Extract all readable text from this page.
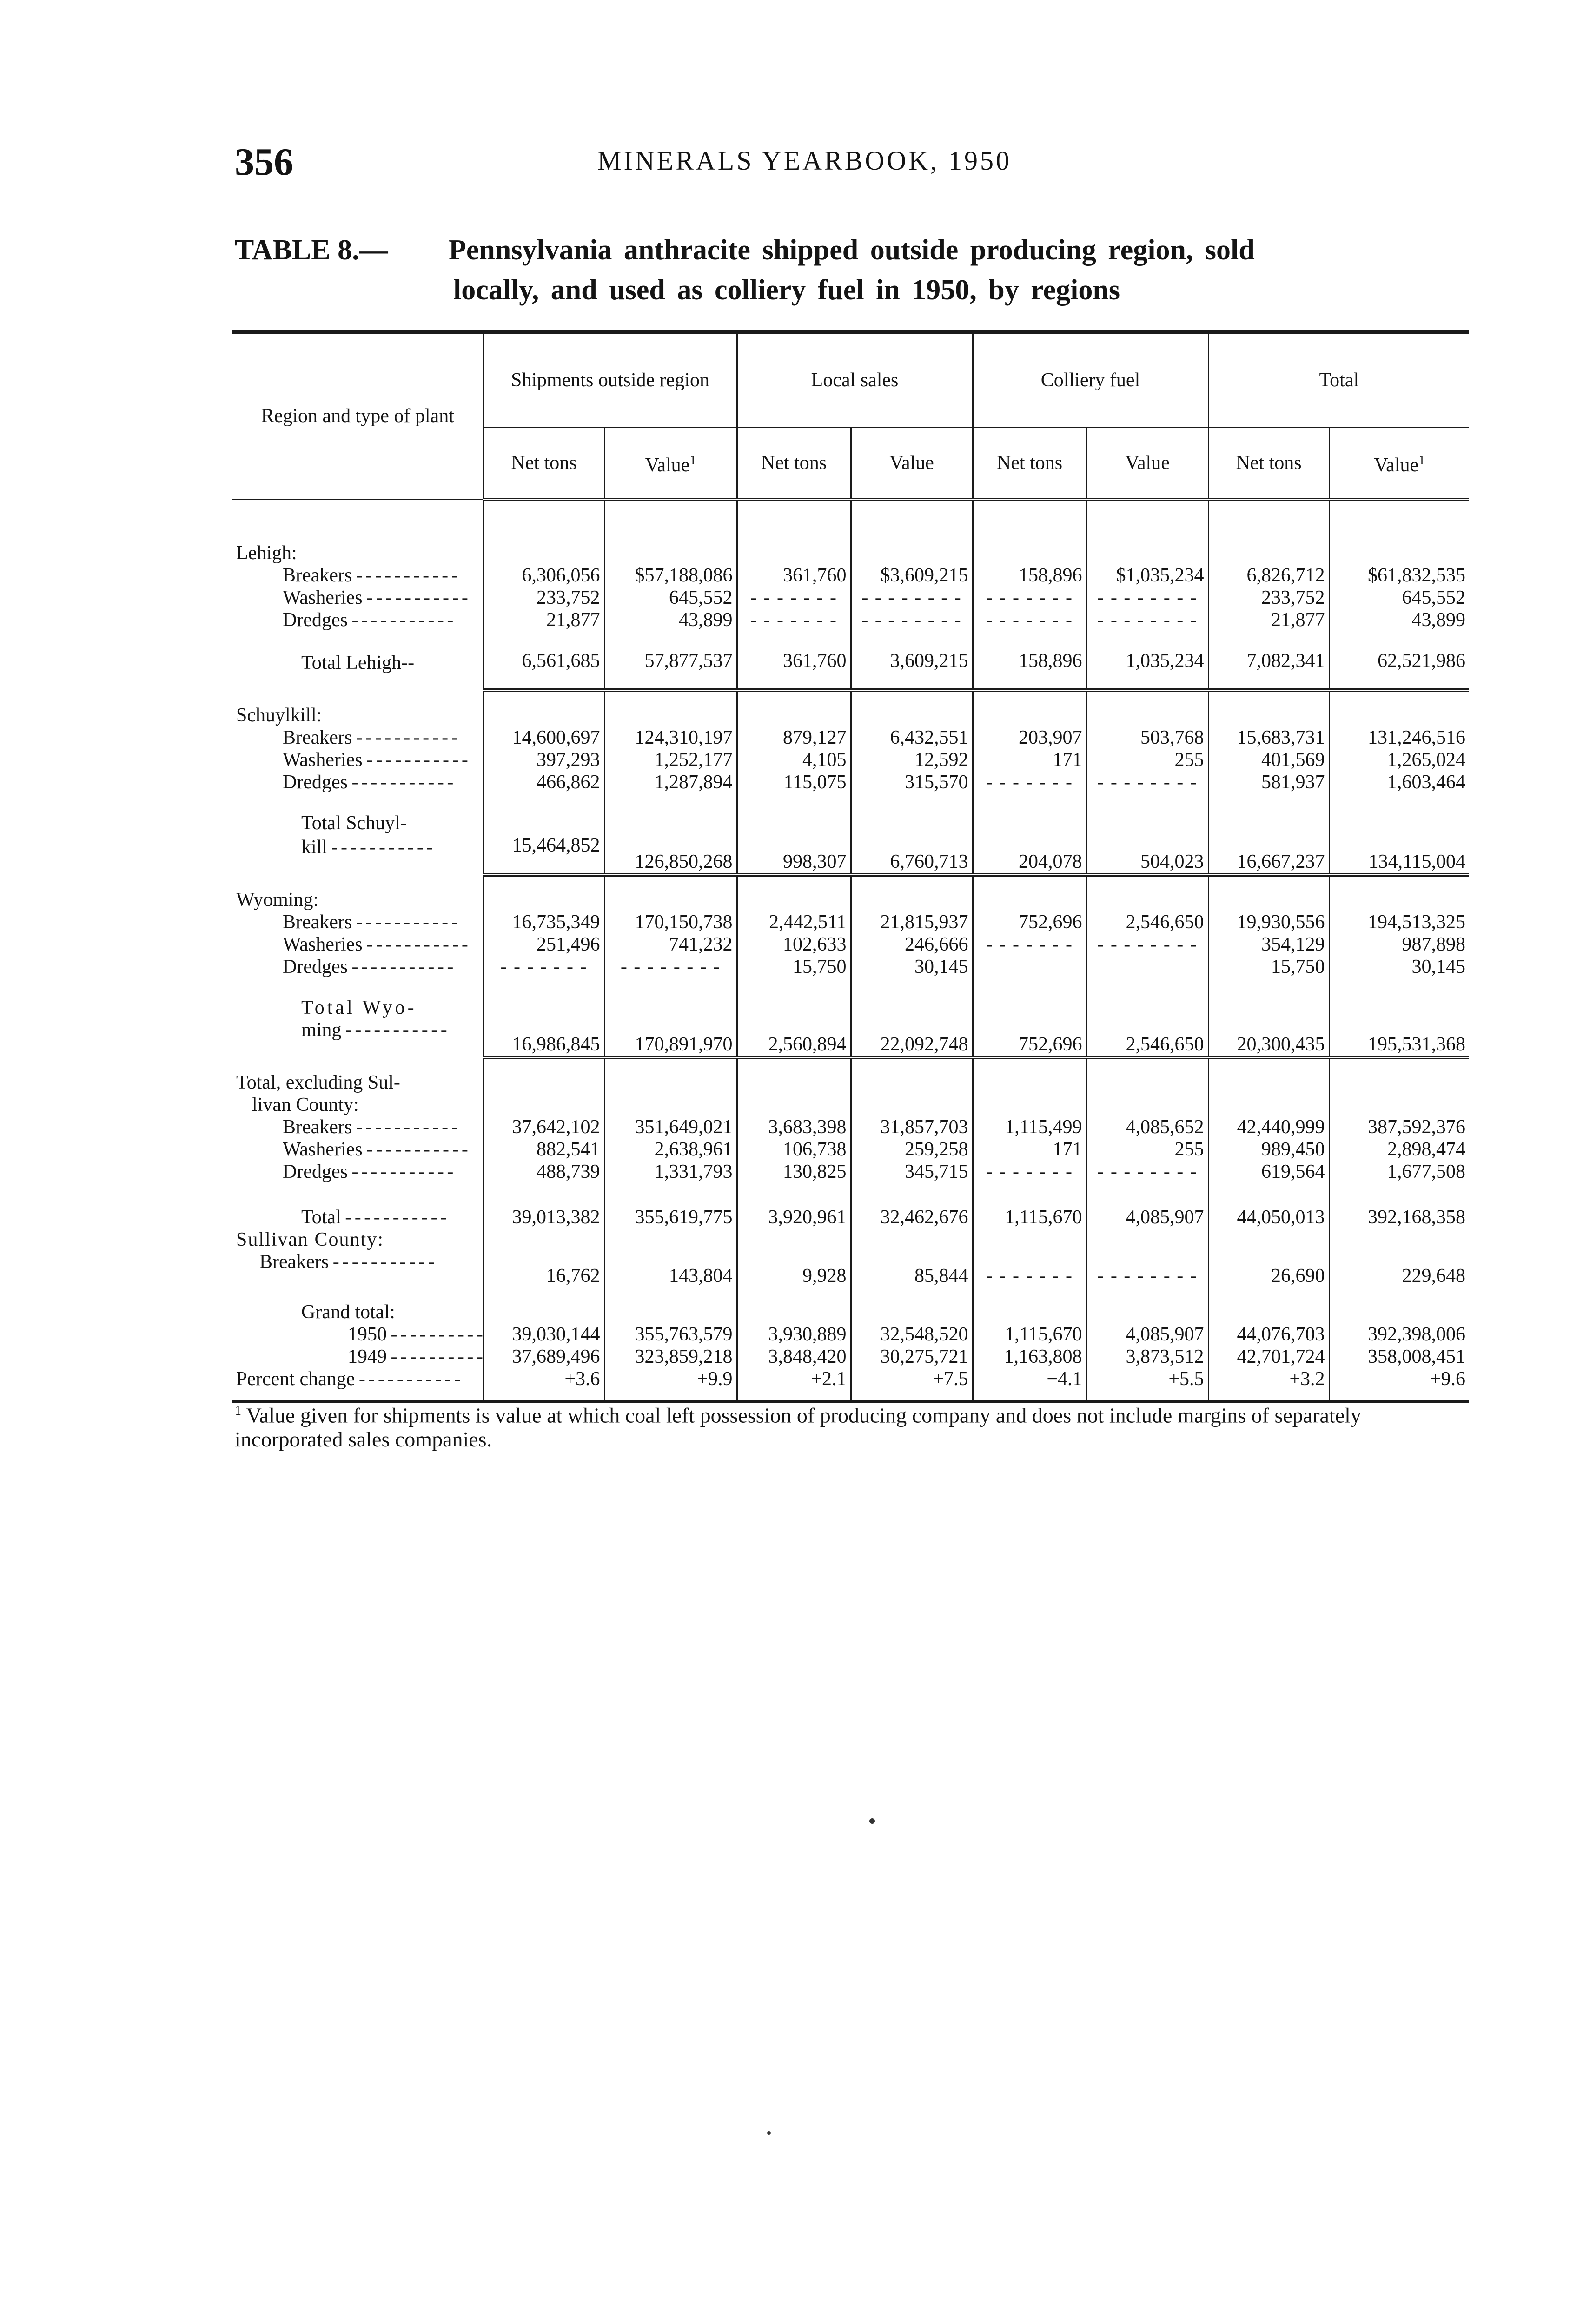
356	MINERALS YEARBOOK, 1950
TABLE 8.— Pennsylvania anthracite shipped outside producing region, sold
locally, and used as colliery fuel in 1950, by regions
Region and type of plant	Shipments outside region		Local sales		Colliery fuel		Total	
	Net tons	Value$^1$	Net tons	Value	Net tons	Value	Net tons	Value$^1$
Lehigh:								
Breakers - - -	6,306,056	$57,188,086	361,760	$3,609,215	158,896	$1,035,234	6,826,712	$61,832,535
Washeries - - -	233,752	645,552	- - - - - - -	- - - - - - - -	- - - - - - -	- - - - - - - -	233,752	645,552
Dredges - - -	21,877	43,899	- - - - - - -	- - - - - - - -	- - - - - - -	- - - - - - - -	21,877	43,899
Total Lehigh--	6,561,685	57,877,537	361,760	3,609,215	158,896	1,035,234	7,082,341	62,521,986
Schuylkill:								
Breakers - - -	14,600,697	124,310,197	879,127	6,432,551	203,907	503,768	15,683,731	131,246,516
Washeries - - -	397,293	1,252,177	4,105	12,592	171	255	401,569	1,265,024
Dredges - - -	466,862	1,287,894	115,075	315,570	- - - - - - -	- - - - - - - -	581,937	1,603,464
Total Schuyl-								
kill - - -	15,464,852	126,850,268	998,307	6,760,713	204,078	504,023	16,667,237	134,115,004
Wyoming:								
Breakers - - -	16,735,349	170,150,738	2,442,511	21,815,937	752,696	2,546,650	19,930,556	194,513,325
Washeries - - -	251,496	741,232	102,633	246,666	- - - - - - -	- - - - - - - -	354,129	987,898
Dredges - - -	- - - - - - -	- - - - - - - -	15,750	30,145			15,750	30,145
Total Wyo-								
ming - - -	16,986,845	170,891,970	2,560,894	22,092,748	752,696	2,546,650	20,300,435	195,531,368
Total, excluding Sul-								
livan County:								
Breakers - - -	37,642,102	351,649,021	3,683,398	31,857,703	1,115,499	4,085,652	42,440,999	387,592,376
Washeries - - -	882,541	2,638,961	106,738	259,258	171	255	989,450	2,898,474
Dredges - - -	488,739	1,331,793	130,825	345,715	- - - - - - -	- - - - - - - -	619,564	1,677,508
Total - - -	39,013,382	355,619,775	3,920,961	32,462,676	1,115,670	4,085,907	44,050,013	392,168,358
Sullivan County:								
Breakers - - -	16,762	143,804	9,928	85,844	- - - - - - -	- - - - - - - -	26,690	229,648
Grand total:								
1950 - - -	39,030,144	355,763,579	3,930,889	32,548,520	1,115,670	4,085,907	44,076,703	392,398,006
1949 - - -	37,689,496	323,859,218	3,848,420	30,275,721	1,163,808	3,873,512	42,701,724	358,008,451
Percent change - - -	+3.6	+9.9	+2.1	+7.5	−4.1	+5.5	+3.2	+9.6
$^1$ Value given for shipments is value at which coal left possession of producing company and does not include margins of separately incorporated sales companies.
